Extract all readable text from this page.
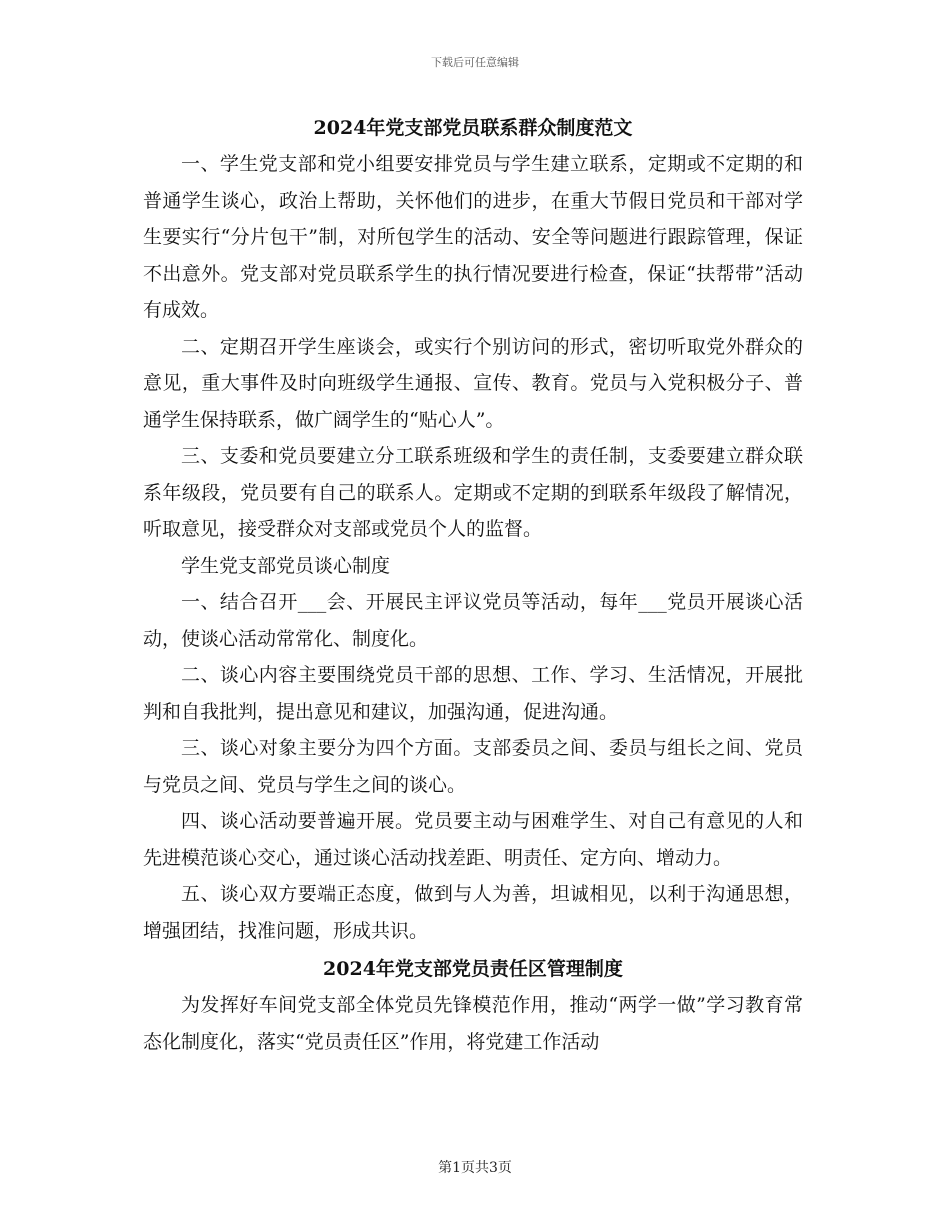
下载后可任意编辑
2024年党支部党员联系群众制度范文

一、学生党支部和党小组要安排党员与学生建立联系，定期或不定期的和普通学生谈心，政治上帮助，关怀他们的进步，在重大节假日党员和干部对学生要实行“分片包干”制，对所包学生的活动、安全等问题进行跟踪管理，保证不出意外。党支部对党员联系学生的执行情况要进行检查，保证“扶帮带”活动有成效。

二、定期召开学生座谈会，或实行个别访问的形式，密切听取党外群众的意见，重大事件及时向班级学生通报、宣传、教育。党员与入党积极分子、普通学生保持联系，做广阔学生的“贴心人”。

三、支委和党员要建立分工联系班级和学生的责任制，支委要建立群众联系年级段，党员要有自己的联系人。定期或不定期的到联系年级段了解情况，听取意见，接受群众对支部或党员个人的监督。

学生党支部党员谈心制度

一、结合召开___会、开展民主评议党员等活动，每年___党员开展谈心活动，使谈心活动常常化、制度化。

二、谈心内容主要围绕党员干部的思想、工作、学习、生活情况，开展批判和自我批判，提出意见和建议，加强沟通，促进沟通。

三、谈心对象主要分为四个方面。支部委员之间、委员与组长之间、党员与党员之间、党员与学生之间的谈心。

四、谈心活动要普遍开展。党员要主动与困难学生、对自己有意见的人和先进模范谈心交心，通过谈心活动找差距、明责任、定方向、增动力。

五、谈心双方要端正态度，做到与人为善，坦诚相见，以利于沟通思想，增强团结，找准问题，形成共识。

2024年党支部党员责任区管理制度

为发挥好车间党支部全体党员先锋模范作用，推动“两学一做”学习教育常态化制度化，落实“党员责任区”作用，将党建工作活动

第1页共3页
